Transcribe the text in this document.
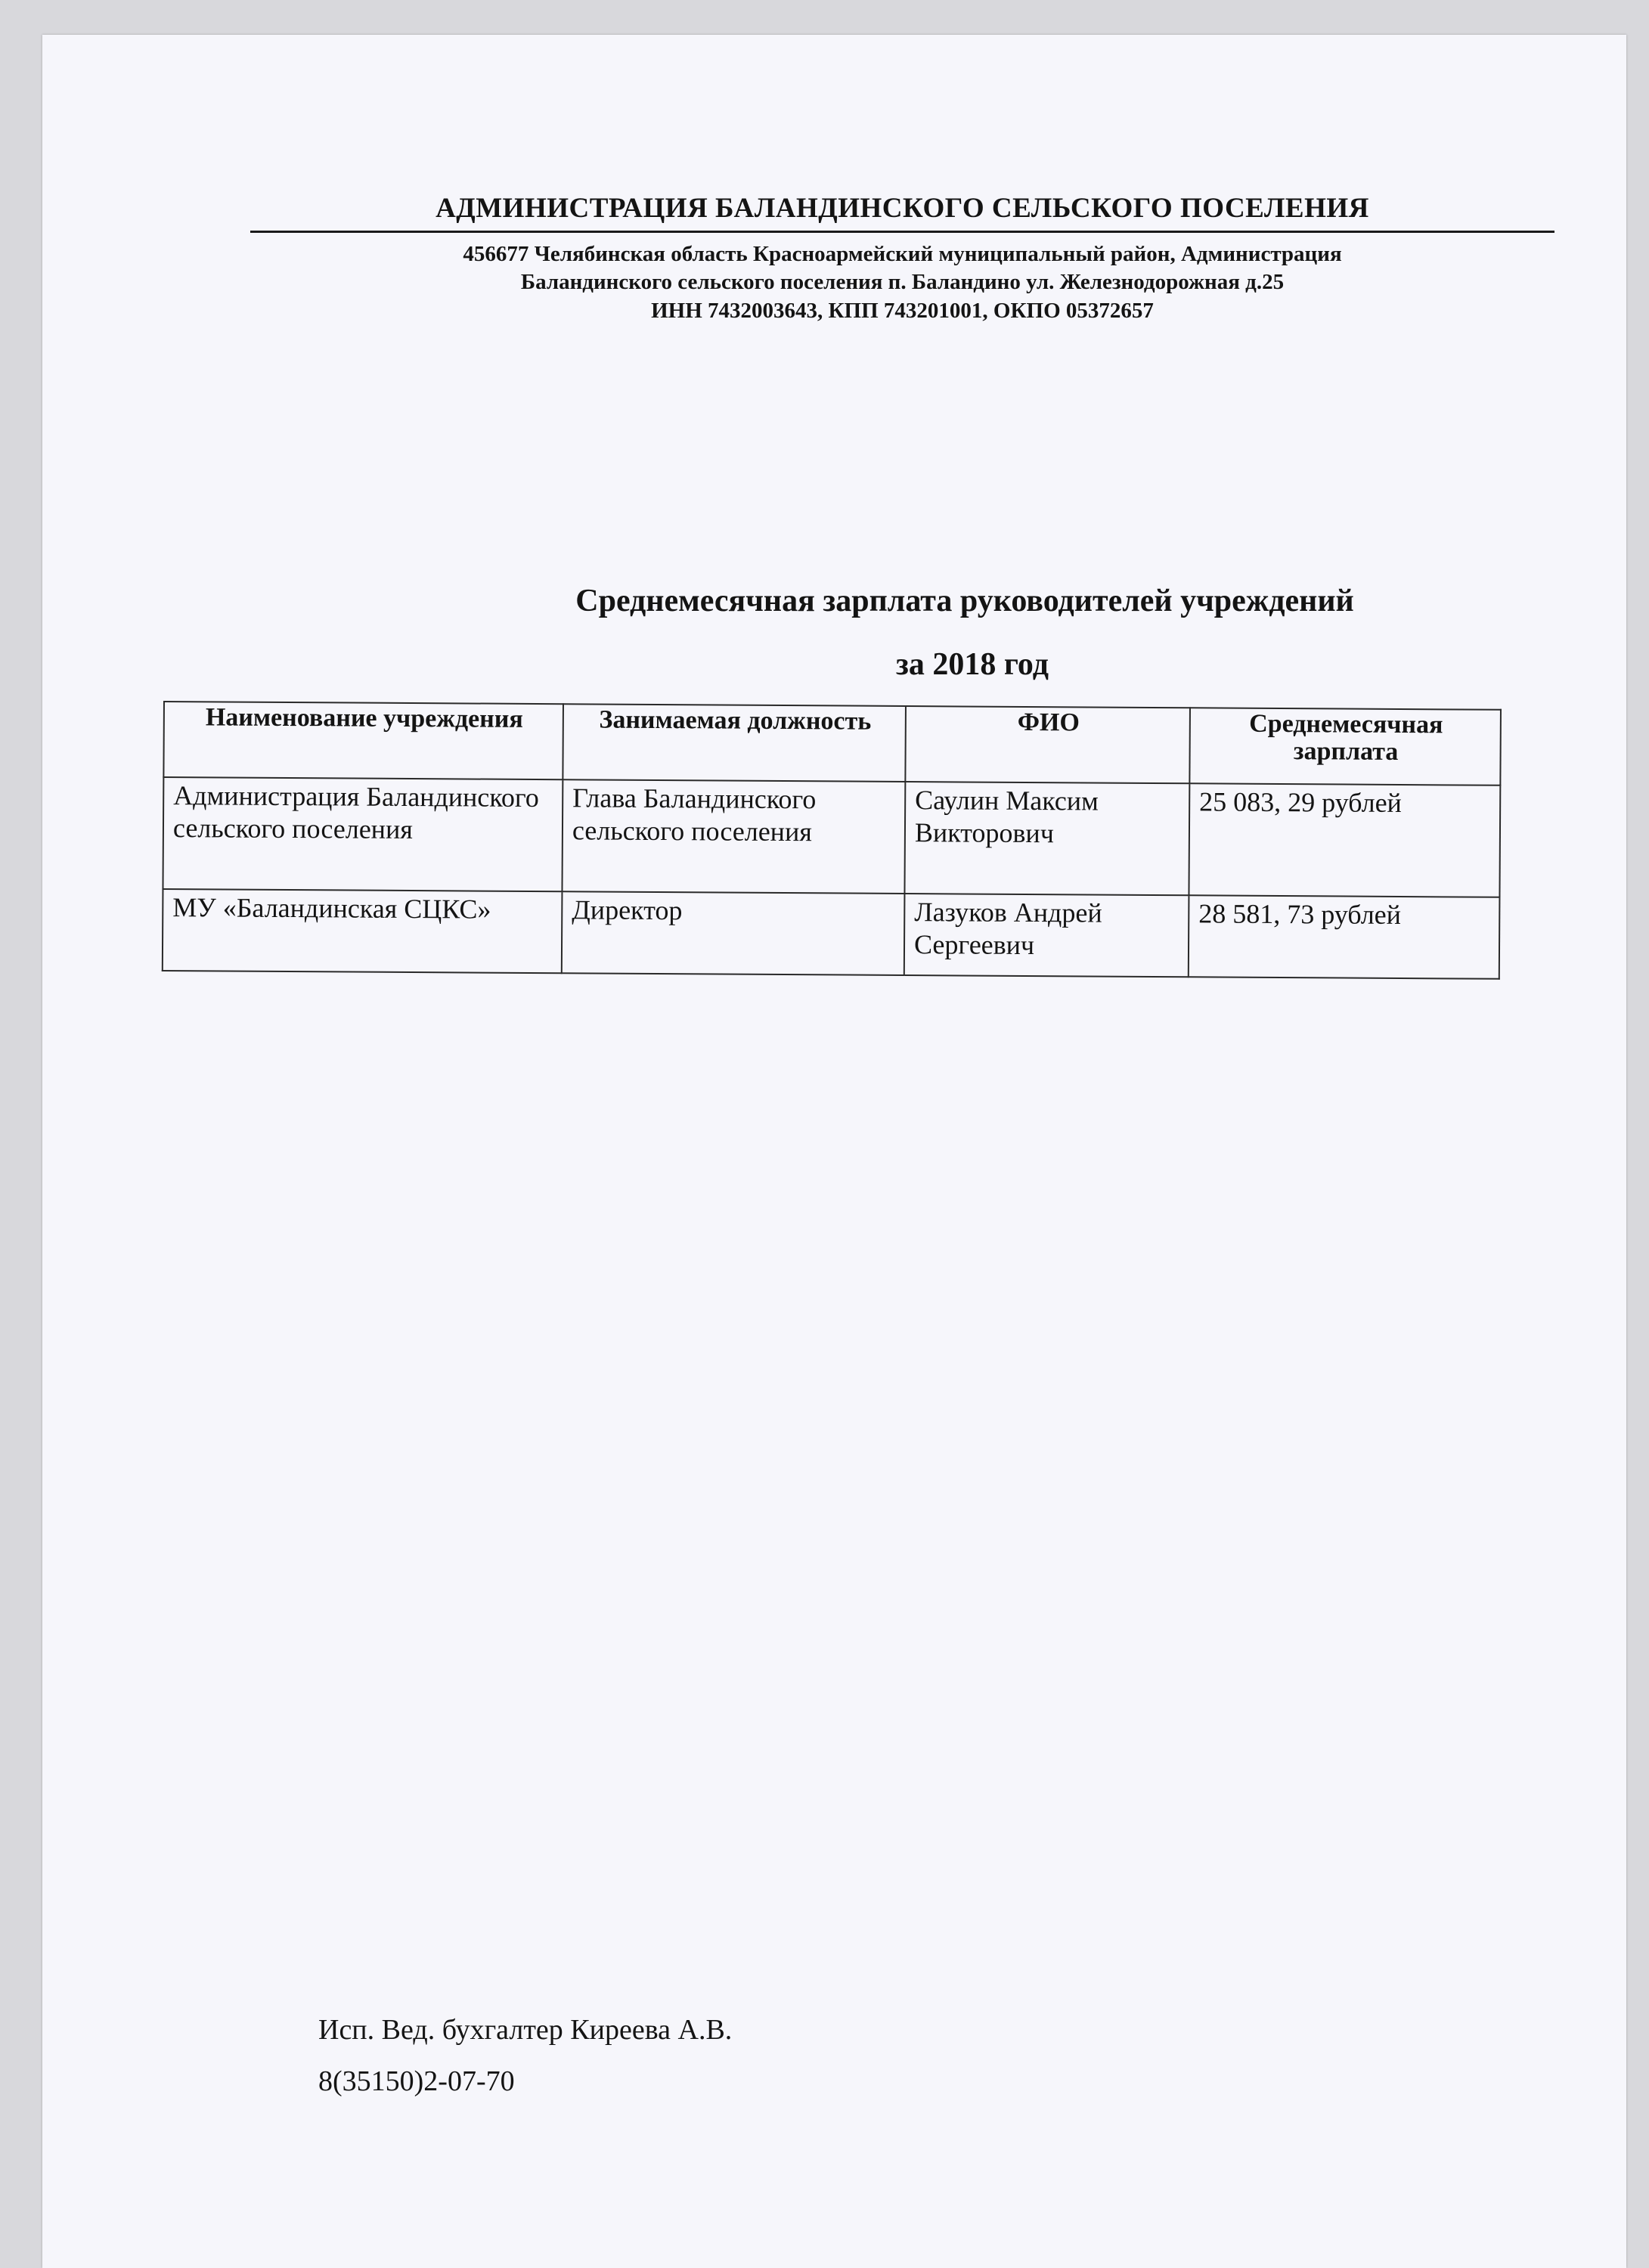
АДМИНИСТРАЦИЯ БАЛАНДИНСКОГО СЕЛЬСКОГО ПОСЕЛЕНИЯ
456677 Челябинская область Красноармейский муниципальный район, Администрация
Баландинского сельского поселения п. Баландино ул. Железнодорожная д.25
ИНН 7432003643, КПП 743201001, ОКПО 05372657
Среднемесячная зарплата руководителей учреждений
за 2018 год
Наименование учреждения	Занимаемая должность	ФИО	Среднемесячная зарплата
Администрация Баландинского сельского поселения	Глава Баландинского сельского поселения	Саулин Максим Викторович	25 083, 29 рублей
МУ «Баландинская СЦКС»	Директор	Лазуков Андрей Сергеевич	28 581, 73 рублей
Исп. Вед. бухгалтер Киреева А.В.
8(35150)2-07-70
